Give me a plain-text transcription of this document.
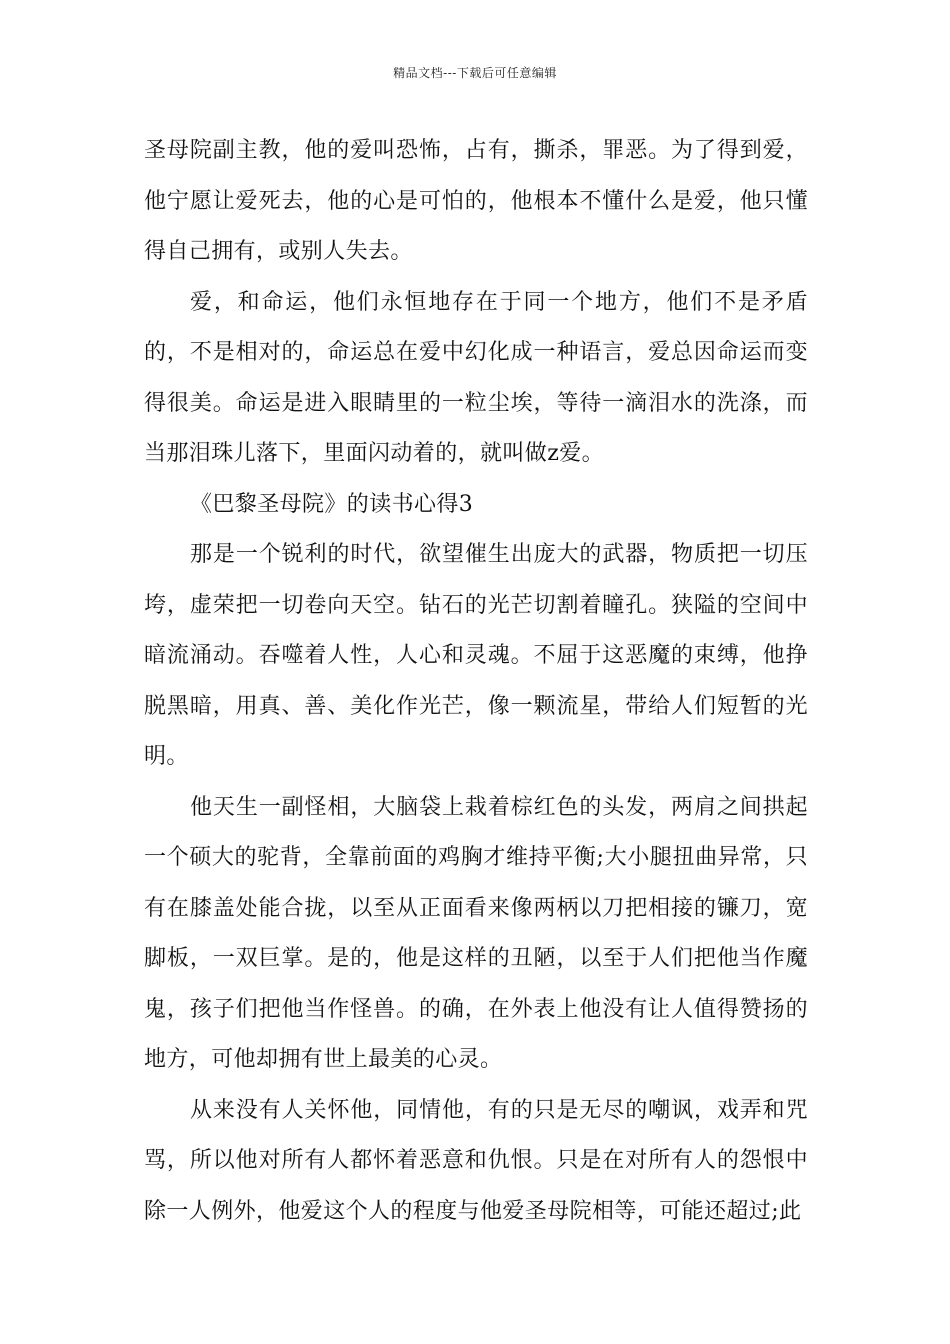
精品文档---下载后可任意编辑

圣母院副主教，他的爱叫恐怖，占有，撕杀，罪恶。为了得到爱，他宁愿让爱死去，他的心是可怕的，他根本不懂什么是爱，他只懂得自己拥有，或别人失去。

爱，和命运，他们永恒地存在于同一个地方，他们不是矛盾的，不是相对的，命运总在爱中幻化成一种语言，爱总因命运而变得很美。命运是进入眼睛里的一粒尘埃，等待一滴泪水的洗涤，而当那泪珠儿落下，里面闪动着的，就叫做z爱。

《巴黎圣母院》的读书心得3

那是一个锐利的时代，欲望催生出庞大的武器，物质把一切压垮，虚荣把一切卷向天空。钻石的光芒切割着瞳孔。狭隘的空间中暗流涌动。吞噬着人性，人心和灵魂。不屈于这恶魔的束缚，他挣脱黑暗，用真、善、美化作光芒，像一颗流星，带给人们短暂的光明。

他天生一副怪相，大脑袋上栽着棕红色的头发，两肩之间拱起一个硕大的驼背，全靠前面的鸡胸才维持平衡;大小腿扭曲异常，只有在膝盖处能合拢，以至从正面看来像两柄以刀把相接的镰刀，宽脚板，一双巨掌。是的，他是这样的丑陋，以至于人们把他当作魔鬼，孩子们把他当作怪兽。的确，在外表上他没有让人值得赞扬的地方，可他却拥有世上最美的心灵。

从来没有人关怀他，同情他，有的只是无尽的嘲讽，戏弄和咒骂，所以他对所有人都怀着恶意和仇恨。只是在对所有人的怨恨中除一人例外，他爱这个人的程度与他爱圣母院相等，可能还超过;此
